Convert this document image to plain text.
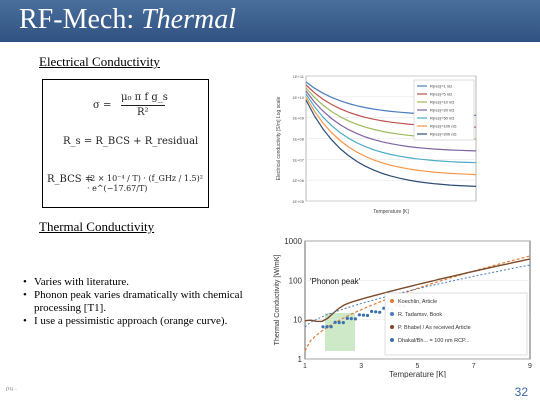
RF-Mech: Thermal
Electrical Conductivity
σ =
μ₀ π f g_s
R²
R_s = R_BCS + R_residual
R_BCS =
(2 × 10⁻⁴ / T) · (f_GHz / 1.5)² · e^(−17.67/T)
1E+11
1E+10
1E+09
1E+08
1E+07
1E+06
1E+05
Temperature [K]
Electrical conductivity [S/m] Log scale
R(res)=1 nΩ
R(res)=5 nΩ
R(res)=10 nΩ
R(res)=20 nΩ
R(res)=50 nΩ
R(res)=100 nΩ
R(res)=200 nΩ
Thermal Conductivity
• Varies with literature.
• Phonon peak varies dramatically with chemical processing [T1].
• I use a pessimistic approach (orange curve).
1000
100
10
1
1	3	5	7	9
Temperature [K]
Thermal Conductivity [W/mK]	'Phonon peak'
Koechlin, Article
R. Tadamsv, Book
P. Bhabel / As received Article
Dhakal/Bh... = 100 nm RCP...
[T1] ...	32
